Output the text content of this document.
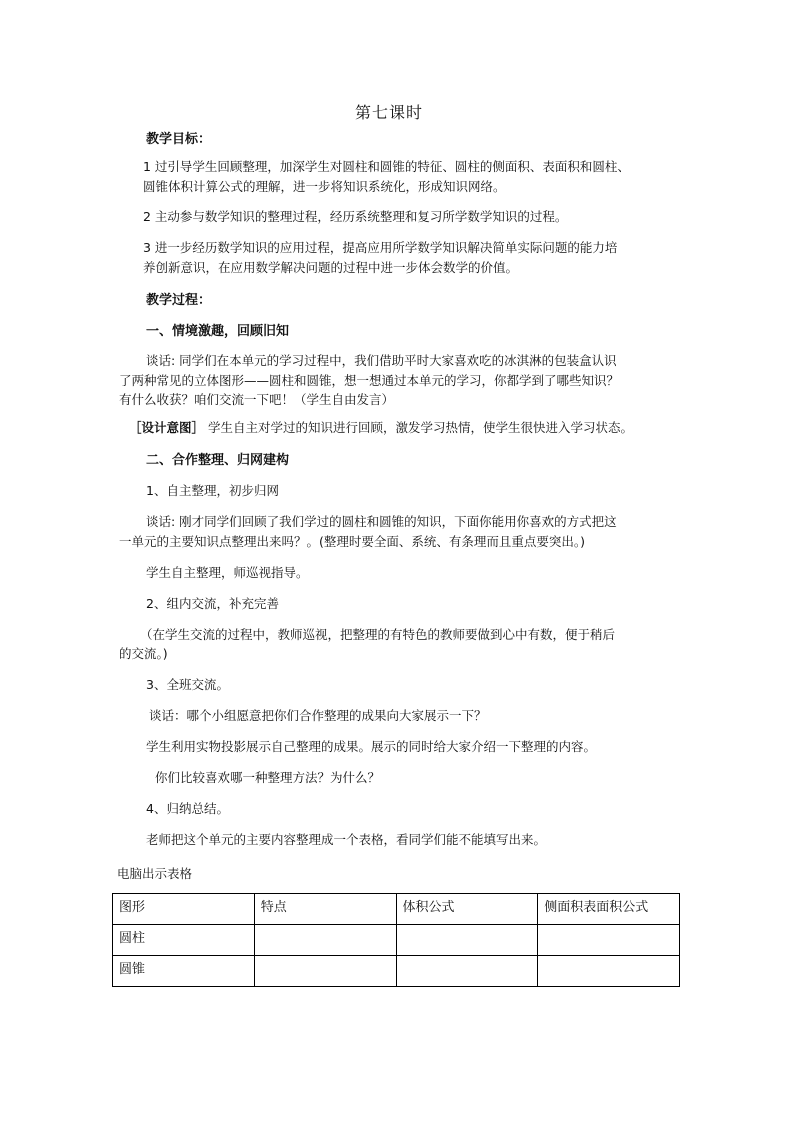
第七课时
教学目标：
1 过引导学生回顾整理，加深学生对圆柱和圆锥的特征、圆柱的侧面积、表面积和圆柱、
圆锥体积计算公式的理解，进一步将知识系统化，形成知识网络。
2 主动参与数学知识的整理过程，经历系统整理和复习所学数学知识的过程。
3 进一步经历数学知识的应用过程，提高应用所学数学知识解决简单实际问题的能力培
养创新意识，在应用数学解决问题的过程中进一步体会数学的价值。
教学过程：
一、情境激趣，回顾旧知
谈话: 同学们在本单元的学习过程中，我们借助平时大家喜欢吃的冰淇淋的包装盒认识
了两种常见的立体图形——圆柱和圆锥，想一想通过本单元的学习，你都学到了哪些知识？
有什么收获？咱们交流一下吧！（学生自由发言）
［设计意图］ 学生自主对学过的知识进行回顾，激发学习热情，使学生很快进入学习状态。
二、合作整理、归网建构
1、自主整理，初步归网
谈话: 刚才同学们回顾了我们学过的圆柱和圆锥的知识，下面你能用你喜欢的方式把这
一单元的主要知识点整理出来吗？。(整理时要全面、系统、有条理而且重点要突出。)
学生自主整理，师巡视指导。
2、组内交流，补充完善
（在学生交流的过程中，教师巡视，把整理的有特色的教师要做到心中有数，便于稍后
的交流。)
3、全班交流。
谈话：哪个小组愿意把你们合作整理的成果向大家展示一下？
学生利用实物投影展示自己整理的成果。展示的同时给大家介绍一下整理的内容。
你们比较喜欢哪一种整理方法？为什么？
4、归纳总结。
老师把这个单元的主要内容整理成一个表格，看同学们能不能填写出来。
电脑出示表格
图形	特点	体积公式	侧面积表面积公式
圆柱			
圆锥			
